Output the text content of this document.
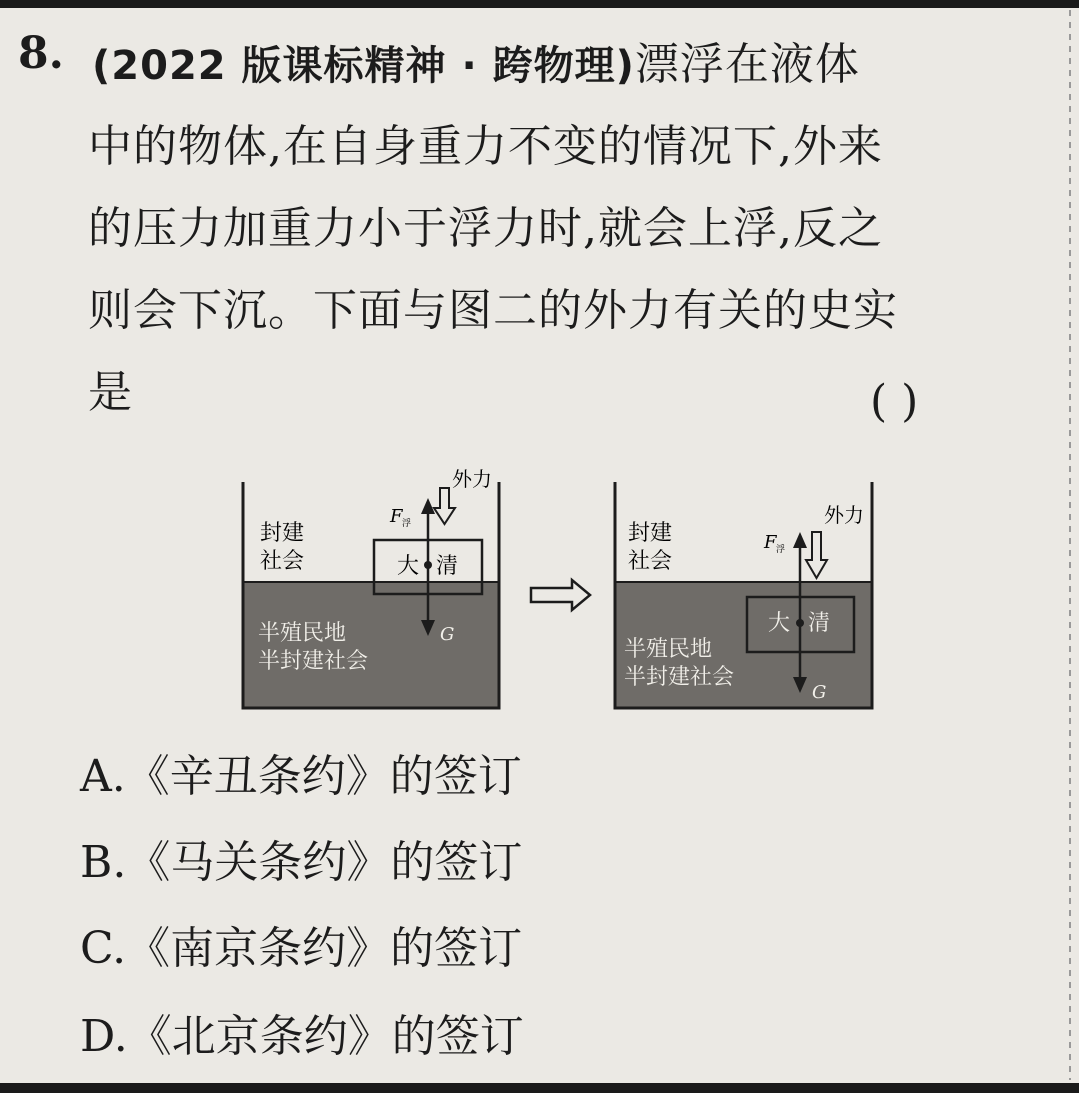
8. (2022 版课标精神 · 跨物理)漂浮在液体
中的物体,在自身重力不变的情况下,外来
的压力加重力小于浮力时,就会上浮,反之
则会下沉。下面与图二的外力有关的史实
是	( )
封建
社会
半殖民地
半封建社会
大 清
外力
F 浮
G
封建
社会
半殖民地
半封建社会
大 清
外力
F 浮
G
A.《辛丑条约》的签订
B.《马关条约》的签订
C.《南京条约》的签订
D.《北京条约》的签订
